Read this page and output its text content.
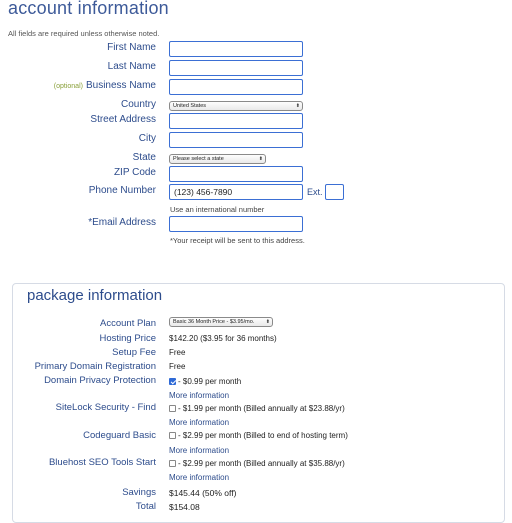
account information
All fields are required unless otherwise noted.
First Name
Last Name
(optional) Business Name
Country	United States	⬍
Street Address
City
State	Please select a state	⬍
ZIP Code
Phone Number	(123) 456-7890	Ext.
Use an international number
*Email Address
*Your receipt will be sent to this address.
package information
Account Plan	Basic 36 Month Price - $3.95/mo. ⬍
Hosting Price $142.20 ($3.95 for 36 months)
Setup Fee Free
Primary Domain Registration Free
Domain Privacy Protection	- $0.99 per month
More information
SiteLock Security - Find	- $1.99 per month (Billed annually at $23.88/yr)
More information
Codeguard Basic	- $2.99 per month (Billed to end of hosting term)
More information
Bluehost SEO Tools Start	- $2.99 per month (Billed annually at $35.88/yr)
More information
Savings $145.44 (50% off)
Total $154.08
